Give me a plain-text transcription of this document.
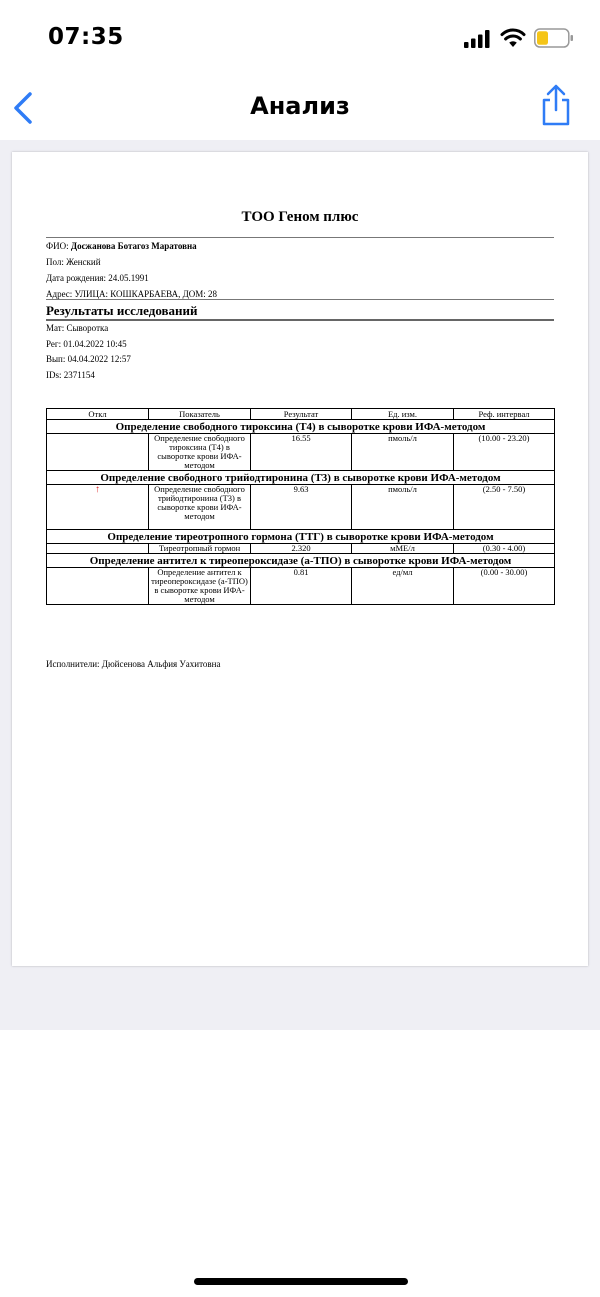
07:35
Анализ
ТОО Геном плюс
ФИО: Досжанова Ботагоз Маратовна
Пол: Женский
Дата рождения: 24.05.1991
Адрес: УЛИЦА: КОШКАРБАЕВА, ДОМ: 28
Результаты исследований
Мат: Сыворотка
Рег: 01.04.2022 10:45
Вып: 04.04.2022 12:57
IDs: 2371154
Откл	Показатель	Результат	Ед. изм.	Реф. интервал
Определение свободного тироксина (Т4) в сыворотке крови ИФА-методом				
	Определение свободного тироксина (Т4) в сыворотке крови ИФА-методом	16.55	пмоль/л	(10.00 - 23.20)
Определение свободного трийодтиронина (Т3) в сыворотке крови ИФА-методом				
↑	Определение свободного трийодтиронина (Т3) в сыворотке крови ИФА-методом	9.63	пмоль/л	(2.50 - 7.50)
Определение тиреотропного гормона (ТТГ) в сыворотке крови ИФА-методом				
	Тиреотропный гормон	2.320	мМЕ/л	(0.30 - 4.00)
Определение антител к тиреопероксидазе (а-ТПО) в сыворотке крови ИФА-методом				
	Определение антител к тиреопероксидазе (а-ТПО) в сыворотке крови ИФА-методом	0.81	ед/мл	(0.00 - 30.00)
Исполнители: Дюйсенова Альфия Уахитовна
